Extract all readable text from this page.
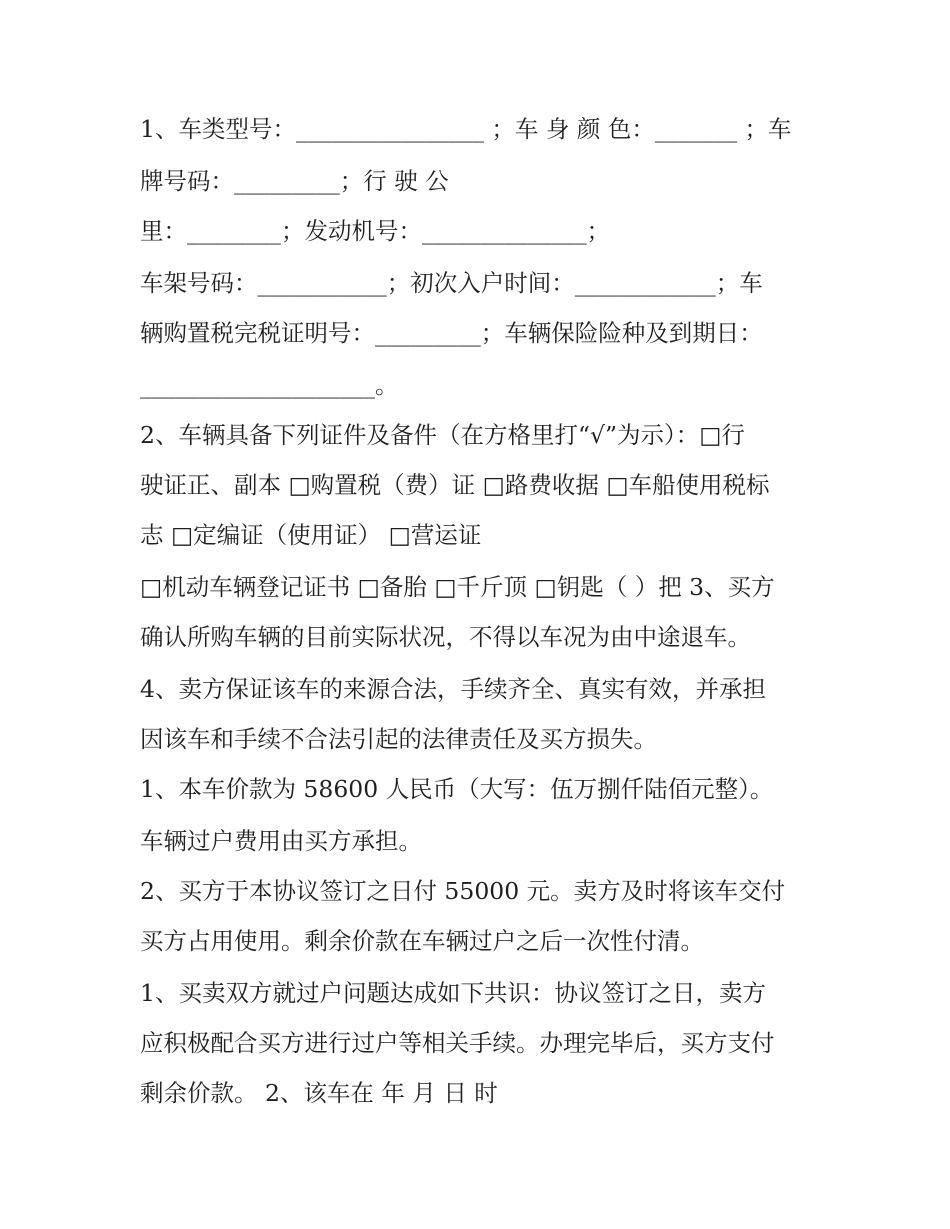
1、车类型号：________________ ；车 身 颜 色：_______ ；车

牌号码：_________；行 驶 公

里：________；发动机号：______________；

车架号码：___________；初次入户时间：____________；车

辆购置税完税证明号：_________；车辆保险险种及到期日：

____________________。

2、车辆具备下列证件及备件（在方格里打“√”为示）：□行

驶证正、副本 □购置税（费）证 □路费收据 □车船使用税标

志 □定编证（使用证） □营运证

□机动车辆登记证书 □备胎 □千斤顶 □钥匙（ ）把 3、买方

确认所购车辆的目前实际状况，不得以车况为由中途退车。

4、卖方保证该车的来源合法，手续齐全、真实有效，并承担

因该车和手续不合法引起的法律责任及买方损失。

1、本车价款为 58600 人民币（大写：伍万捌仟陆佰元整）。

车辆过户费用由买方承担。

2、买方于本协议签订之日付 55000 元。卖方及时将该车交付

买方占用使用。剩余价款在车辆过户之后一次性付清。

1、买卖双方就过户问题达成如下共识：协议签订之日，卖方

应积极配合买方进行过户等相关手续。办理完毕后，买方支付

剩余价款。 2、该车在 年 月 日 时
